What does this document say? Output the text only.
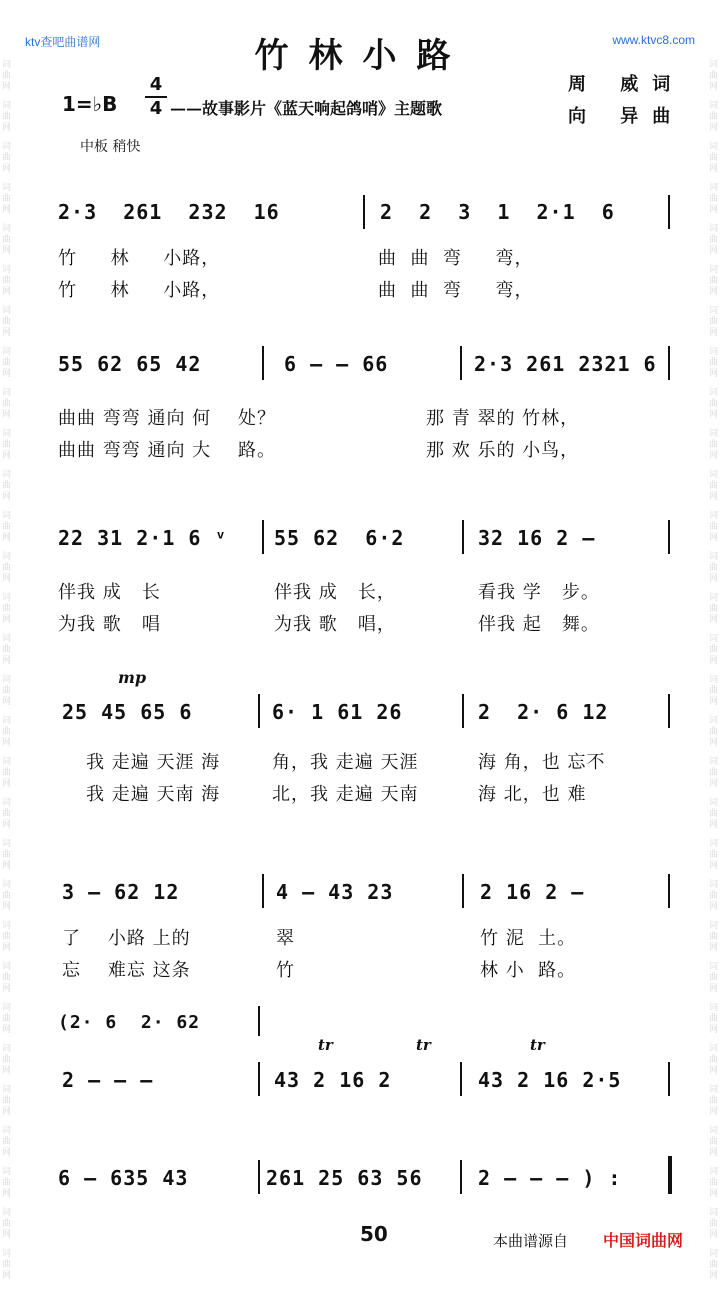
ktv查吧曲谱网	www.ktvc8.com
词
曲
网
词
曲
网
词
曲
网
词
曲
网
词
曲
网
词
曲
网
词
曲
网
词
曲
网
词
曲
网
词
曲
网
词
曲
网
词
曲
网
词
曲
网
词
曲
网
词
曲
网
词
曲
网
词
曲
网
词
曲
网
词
曲
网
词
曲
网
词
曲
网
词
曲
网
词
曲
网
词
曲
网
词
曲
网
词
曲
网
词
曲
网
词
曲
网
词
曲
网
词
曲
网
词
曲
网
词
曲
网
词
曲
网
词
曲
网
词
曲
网
词
曲
网
词
曲
网
词
曲
网
词
曲
网
词
曲
网
词
曲
网
词
曲
网
词
曲
网
词
曲
网
词
曲
网
词
曲
网
词
曲
网
词
曲
网
词
曲
网
词
曲
网
词
曲
网
词
曲
网
词
曲
网
词
曲
网
词
曲
网
词
曲
网
词
曲
网
词
曲
网
词
曲
网
词
曲
网
竹林小路
1=♭B
4
4 ——故事影片《蓝天响起鸽哨》主题歌
周 威词
向 异曲
中板 稍快
2·3  261  232  16	2  2  3  1  2·1  6
竹     林     小路，	曲  曲  弯     弯，
竹     林     小路，	曲  曲  弯     弯，
55 62 65 42	6 — — 66	2·3 261 2321 6
曲曲 弯弯 通向 何    处？	那 青 翠的 竹林，
曲曲 弯弯 通向 大    路。	那 欢 乐的 小鸟，
22 31 2·1 6 ᵛ 55 62  6·2	32 16 2 —
伴我 成   长	伴我 成   长，	看我 学   步。
为我 歌   唱	为我 歌   唱，	伴我 起   舞。
mp
25 45 65 6	6· 1 61 26	2  2· 6 12
我 走遍 天涯 海	角，我 走遍 天涯	海 角，也 忘不
我 走遍 天南 海	北，我 走遍 天南	海 北，也 难
3 — 62 12	4 — 43 23	2 16 2 —
了    小路 上的	翠	竹 泥  土。
忘    难忘 这条	竹	林 小  路。
(2· 6  2· 62
tr	tr	tr
2 — — —	43 2 16 2	43 2 16 2·5
6 — 635 43	261 25 63 56	2 — — — ) :
50	本曲谱源自 中国词曲网
